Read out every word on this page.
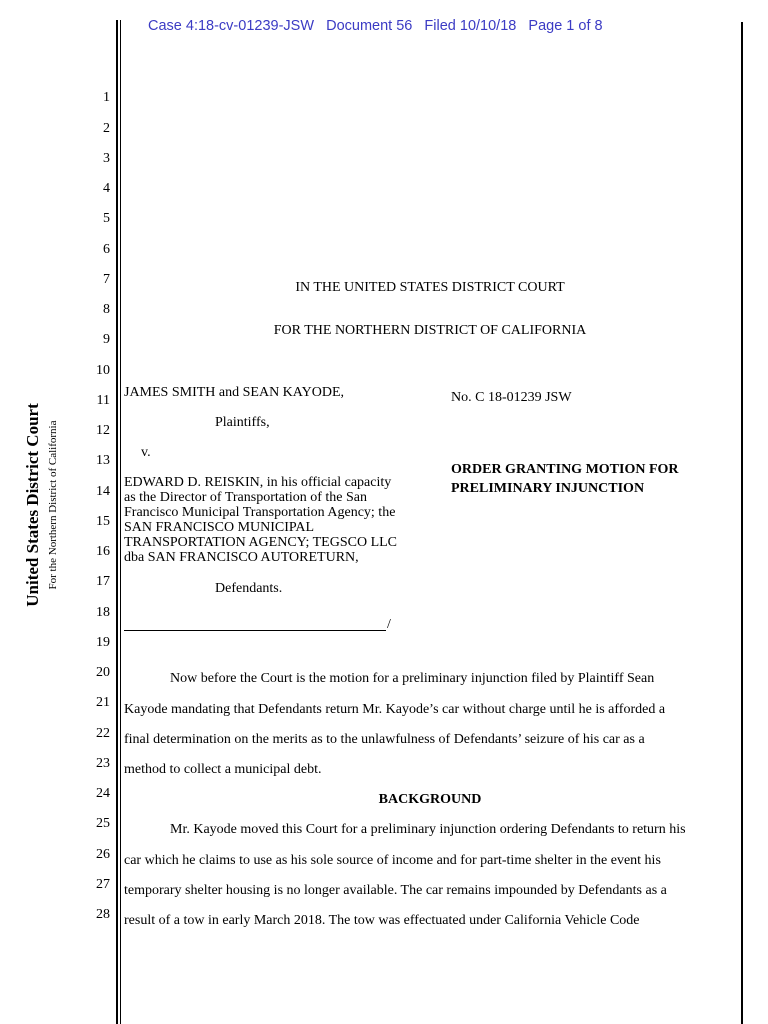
Case 4:18-cv-01239-JSW   Document 56   Filed 10/10/18   Page 1 of 8
United States District Court For the Northern District of California
1
2
3
4
5
6
7
8
9
10
11
12
13
14
15
16
17
18
19
20
21
22
23
24
25
26
27
28
IN THE UNITED STATES DISTRICT COURT
FOR THE NORTHERN DISTRICT OF CALIFORNIA
JAMES SMITH and SEAN KAYODE,
Plaintiffs,
v.
EDWARD D. REISKIN, in his official capacity
as the Director of Transportation of the San
Francisco Municipal Transportation Agency; the
SAN FRANCISCO MUNICIPAL
TRANSPORTATION AGENCY; TEGSCO LLC
dba SAN FRANCISCO AUTORETURN,
Defendants.
/
No. C 18-01239 JSW
ORDER GRANTING MOTION FOR
PRELIMINARY INJUNCTION
Now before the Court is the motion for a preliminary injunction filed by Plaintiff Sean
Kayode mandating that Defendants return Mr. Kayode’s car without charge until he is afforded a
final determination on the merits as to the unlawfulness of Defendants’ seizure of his car as a
method to collect a municipal debt.
BACKGROUND
Mr. Kayode moved this Court for a preliminary injunction ordering Defendants to return his
car which he claims to use as his sole source of income and for part-time shelter in the event his
temporary shelter housing is no longer available. The car remains impounded by Defendants as a
result of a tow in early March 2018. The tow was effectuated under California Vehicle Code
